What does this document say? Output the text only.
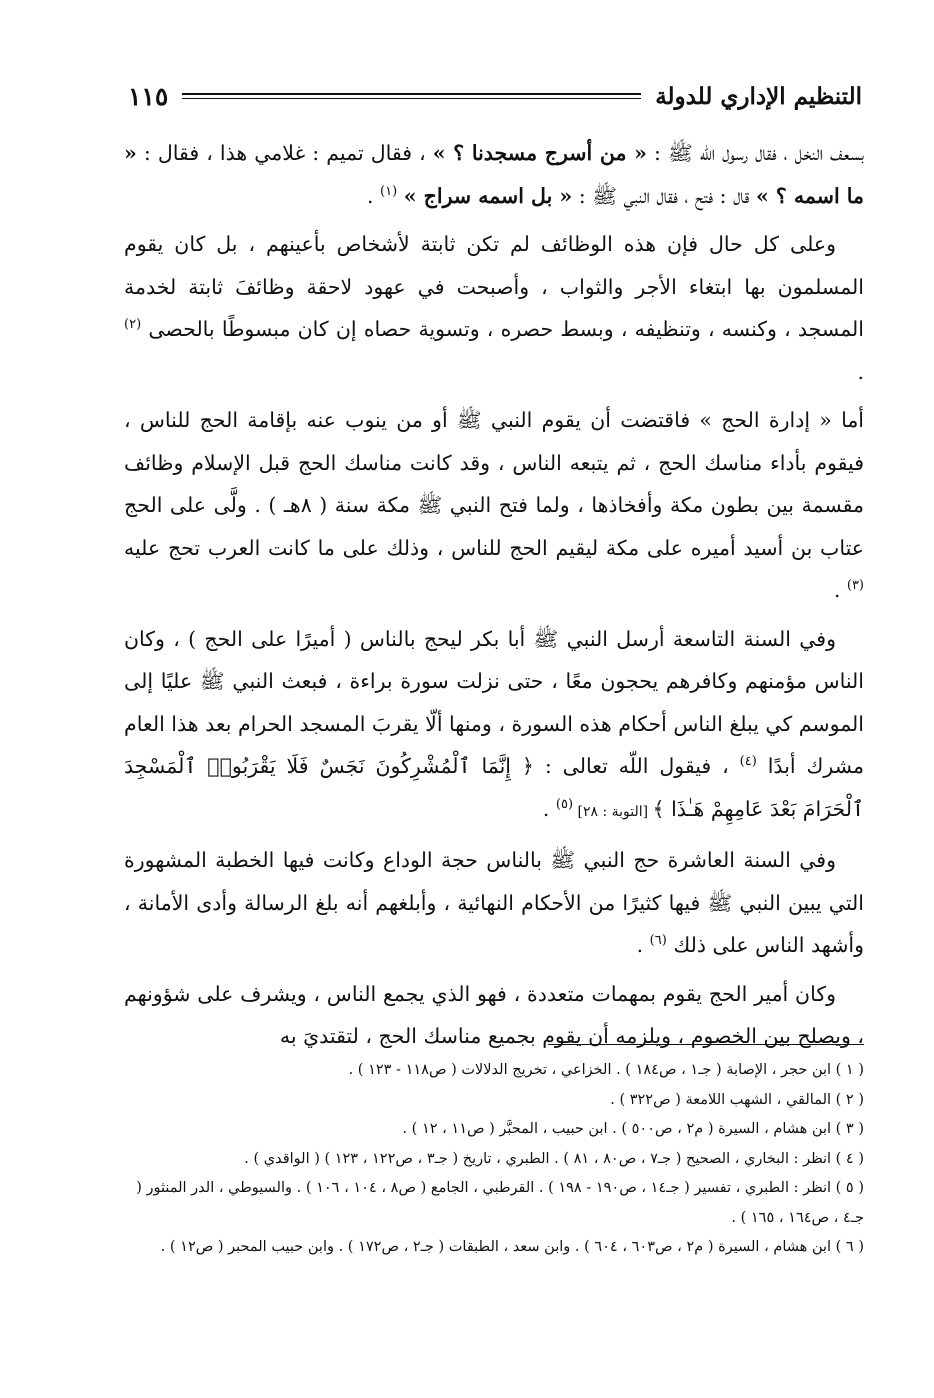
التنظيم الإداري للدولة
١١٥

بسعف النخل ، فقال رسول اللّه ﷺ : « من أسرج مسجدنا ؟ » ، فقال تميم : غلامي هذا ، فقال : « ما اسمه ؟ » قال : فتح ، فقال النبي ﷺ : « بل اسمه سراج » $^{(١)}$ .

وعلى كل حال فإن هذه الوظائف لم تكن ثابتة لأشخاص بأعينهم ، بل كان يقوم المسلمون بها ابتغاء الأجر والثواب ، وأصبحت في عهود لاحقة وظائفَ ثابتة لخدمة المسجد ، وكنسه ، وتنظيفه ، وبسط حصره ، وتسوية حصاه إن كان مبسوطًا بالحصى $^{(٢)}$ .

أما « إدارة الحج » فاقتضت أن يقوم النبي ﷺ أو من ينوب عنه بإقامة الحج للناس ، فيقوم بأداء مناسك الحج ، ثم يتبعه الناس ، وقد كانت مناسك الحج قبل الإسلام وظائف مقسمة بين بطون مكة وأفخاذها ، ولما فتح النبي ﷺ مكة سنة ( ٨هـ ) . ولَّى على الحج عتاب بن أسيد أميره على مكة ليقيم الحج للناس ، وذلك على ما كانت العرب تحج عليه $^{(٣)}$ .

وفي السنة التاسعة أرسل النبي ﷺ أبا بكر ليحج بالناس ( أميرًا على الحج ) ، وكان الناس مؤمنهم وكافرهم يحجون معًا ، حتى نزلت سورة براءة ، فبعث النبي ﷺ عليًا إلى الموسم كي يبلغ الناس أحكام هذه السورة ، ومنها ألّا يقربَ المسجد الحرام بعد هذا العام مشرك أبدًا $^{(٤)}$ ، فيقول اللّه تعالى : ﴿ إِنَّمَا ٱلْمُشْرِكُونَ نَجَسٌ فَلَا يَقْرَبُوا۟ ٱلْمَسْجِدَ ٱلْحَرَامَ بَعْدَ عَامِهِمْ هَـٰذَا ﴾ [التوبة : ٢٨] $^{(٥)}$ .

وفي السنة العاشرة حج النبي ﷺ بالناس حجة الوداع وكانت فيها الخطبة المشهورة التي يبين النبي ﷺ فيها كثيرًا من الأحكام النهائية ، وأبلغهم أنه بلغ الرسالة وأدى الأمانة ، وأشهد الناس على ذلك $^{(٦)}$ .

وكان أمير الحج يقوم بمهمات متعددة ، فهو الذي يجمع الناس ، ويشرف على شؤونهم ، ويصلح بين الخصوم ، ويلزمه أن يقوم بجميع مناسك الحج ، لتقتديَ به

( ١ ) ابن حجر ، الإصابة ( جـ١ ، ص١٨٤ ) . الخزاعي ، تخريج الدلالات ( ص١١٨ - ١٢٣ ) .

( ٢ ) المالقي ، الشهب اللامعة ( ص٣٢٢ ) .

( ٣ ) ابن هشام ، السيرة ( م٢ ، ص٥٠٠ ) . ابن حبيب ، المحبَّر ( ص١١ ، ١٢ ) .

( ٤ ) انظر : البخاري ، الصحيح ( جـ٧ ، ص٨٠ ، ٨١ ) . الطبري ، تاريخ ( جـ٣ ، ص١٢٢ ، ١٢٣ ) ( الواقدي ) .

( ٥ ) انظر : الطبري ، تفسير ( جـ١٤ ، ص١٩٠ - ١٩٨ ) . القرطبي ، الجامع ( ص٨ ، ١٠٤ ، ١٠٦ ) . والسيوطي ، الدر المنثور ( جـ٤ ، ص١٦٤ ، ١٦٥ ) .

( ٦ ) ابن هشام ، السيرة ( م٢ ، ص٦٠٣ ، ٦٠٤ ) . وابن سعد ، الطبقات ( جـ٢ ، ص١٧٢ ) . وابن حبيب المحبر ( ص١٢ ) .
